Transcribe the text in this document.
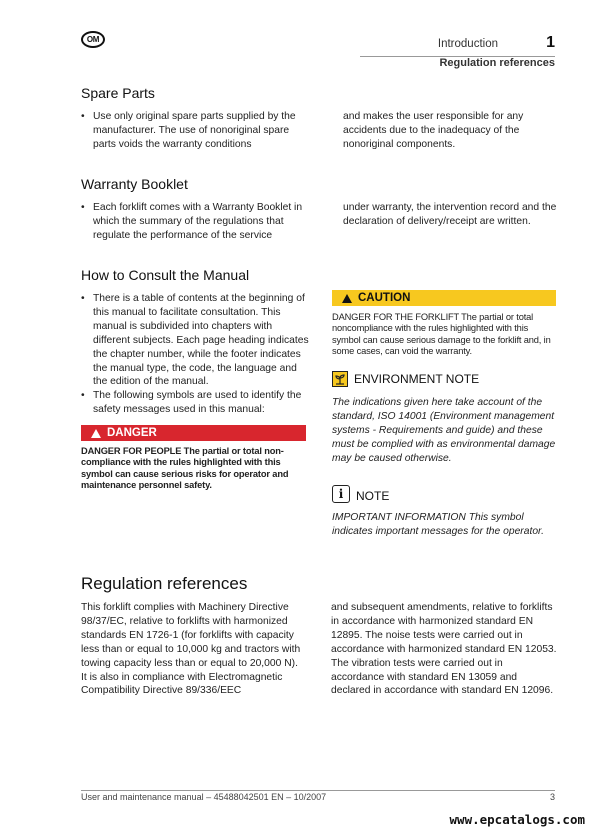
OM	Introduction	1
Regulation references
Spare Parts

• Use only original spare parts supplied by the manufacturer. The use of nonoriginal spare parts voids the warranty conditions

and makes the user responsible for any accidents due to the inadequacy of the nonoriginal components.
Warranty Booklet

• Each forklift comes with a Warranty Booklet in which the summary of the regulations that regulate the performance of the service

under warranty, the intervention record and the declaration of delivery/receipt are written.
How to Consult the Manual

• There is a table of contents at the beginning of this manual to facilitate consultation. This manual is subdivided into chapters with different subjects. Each page heading indicates the chapter number, while the footer indicates the manual type, the code, the language and the edition of the manual.

• The following symbols are used to identify the safety messages used in this manual:

DANGER
DANGER FOR PEOPLE The partial or total non-compliance with the rules highlighted with this symbol can cause serious risks for operator and maintenance personnel safety.
CAUTION
DANGER FOR THE FORKLIFT The partial or total noncompliance with the rules highlighted with this symbol can cause serious damage to the forklift and, in some cases, can void the warranty.
ENVIRONMENT NOTE
The indications given here take account of the standard, ISO 14001 (Environment management systems - Requirements and guide) and these must be complied with as environmental damage may be caused otherwise.
i NOTE
IMPORTANT INFORMATION This symbol indicates important messages for the operator.
Regulation references
This forklift complies with Machinery Directive 98/37/EC, relative to forklifts with harmonized standards EN 1726-1 (for forklifts with capacity less than or equal to 10,000 kg and tractors with towing capacity less than or equal to 20,000 N). It is also in compliance with Electromagnetic Compatibility Directive 89/336/EEC
and subsequent amendments, relative to forklifts in accordance with harmonized standard EN 12895. The noise tests were carried out in accordance with harmonized standard EN 12053. The vibration tests were carried out in accordance with standard EN 13059 and declared in accordance with standard EN 12096.
User and maintenance manual – 45488042501 EN – 10/2007	3
www.epcatalogs.com
